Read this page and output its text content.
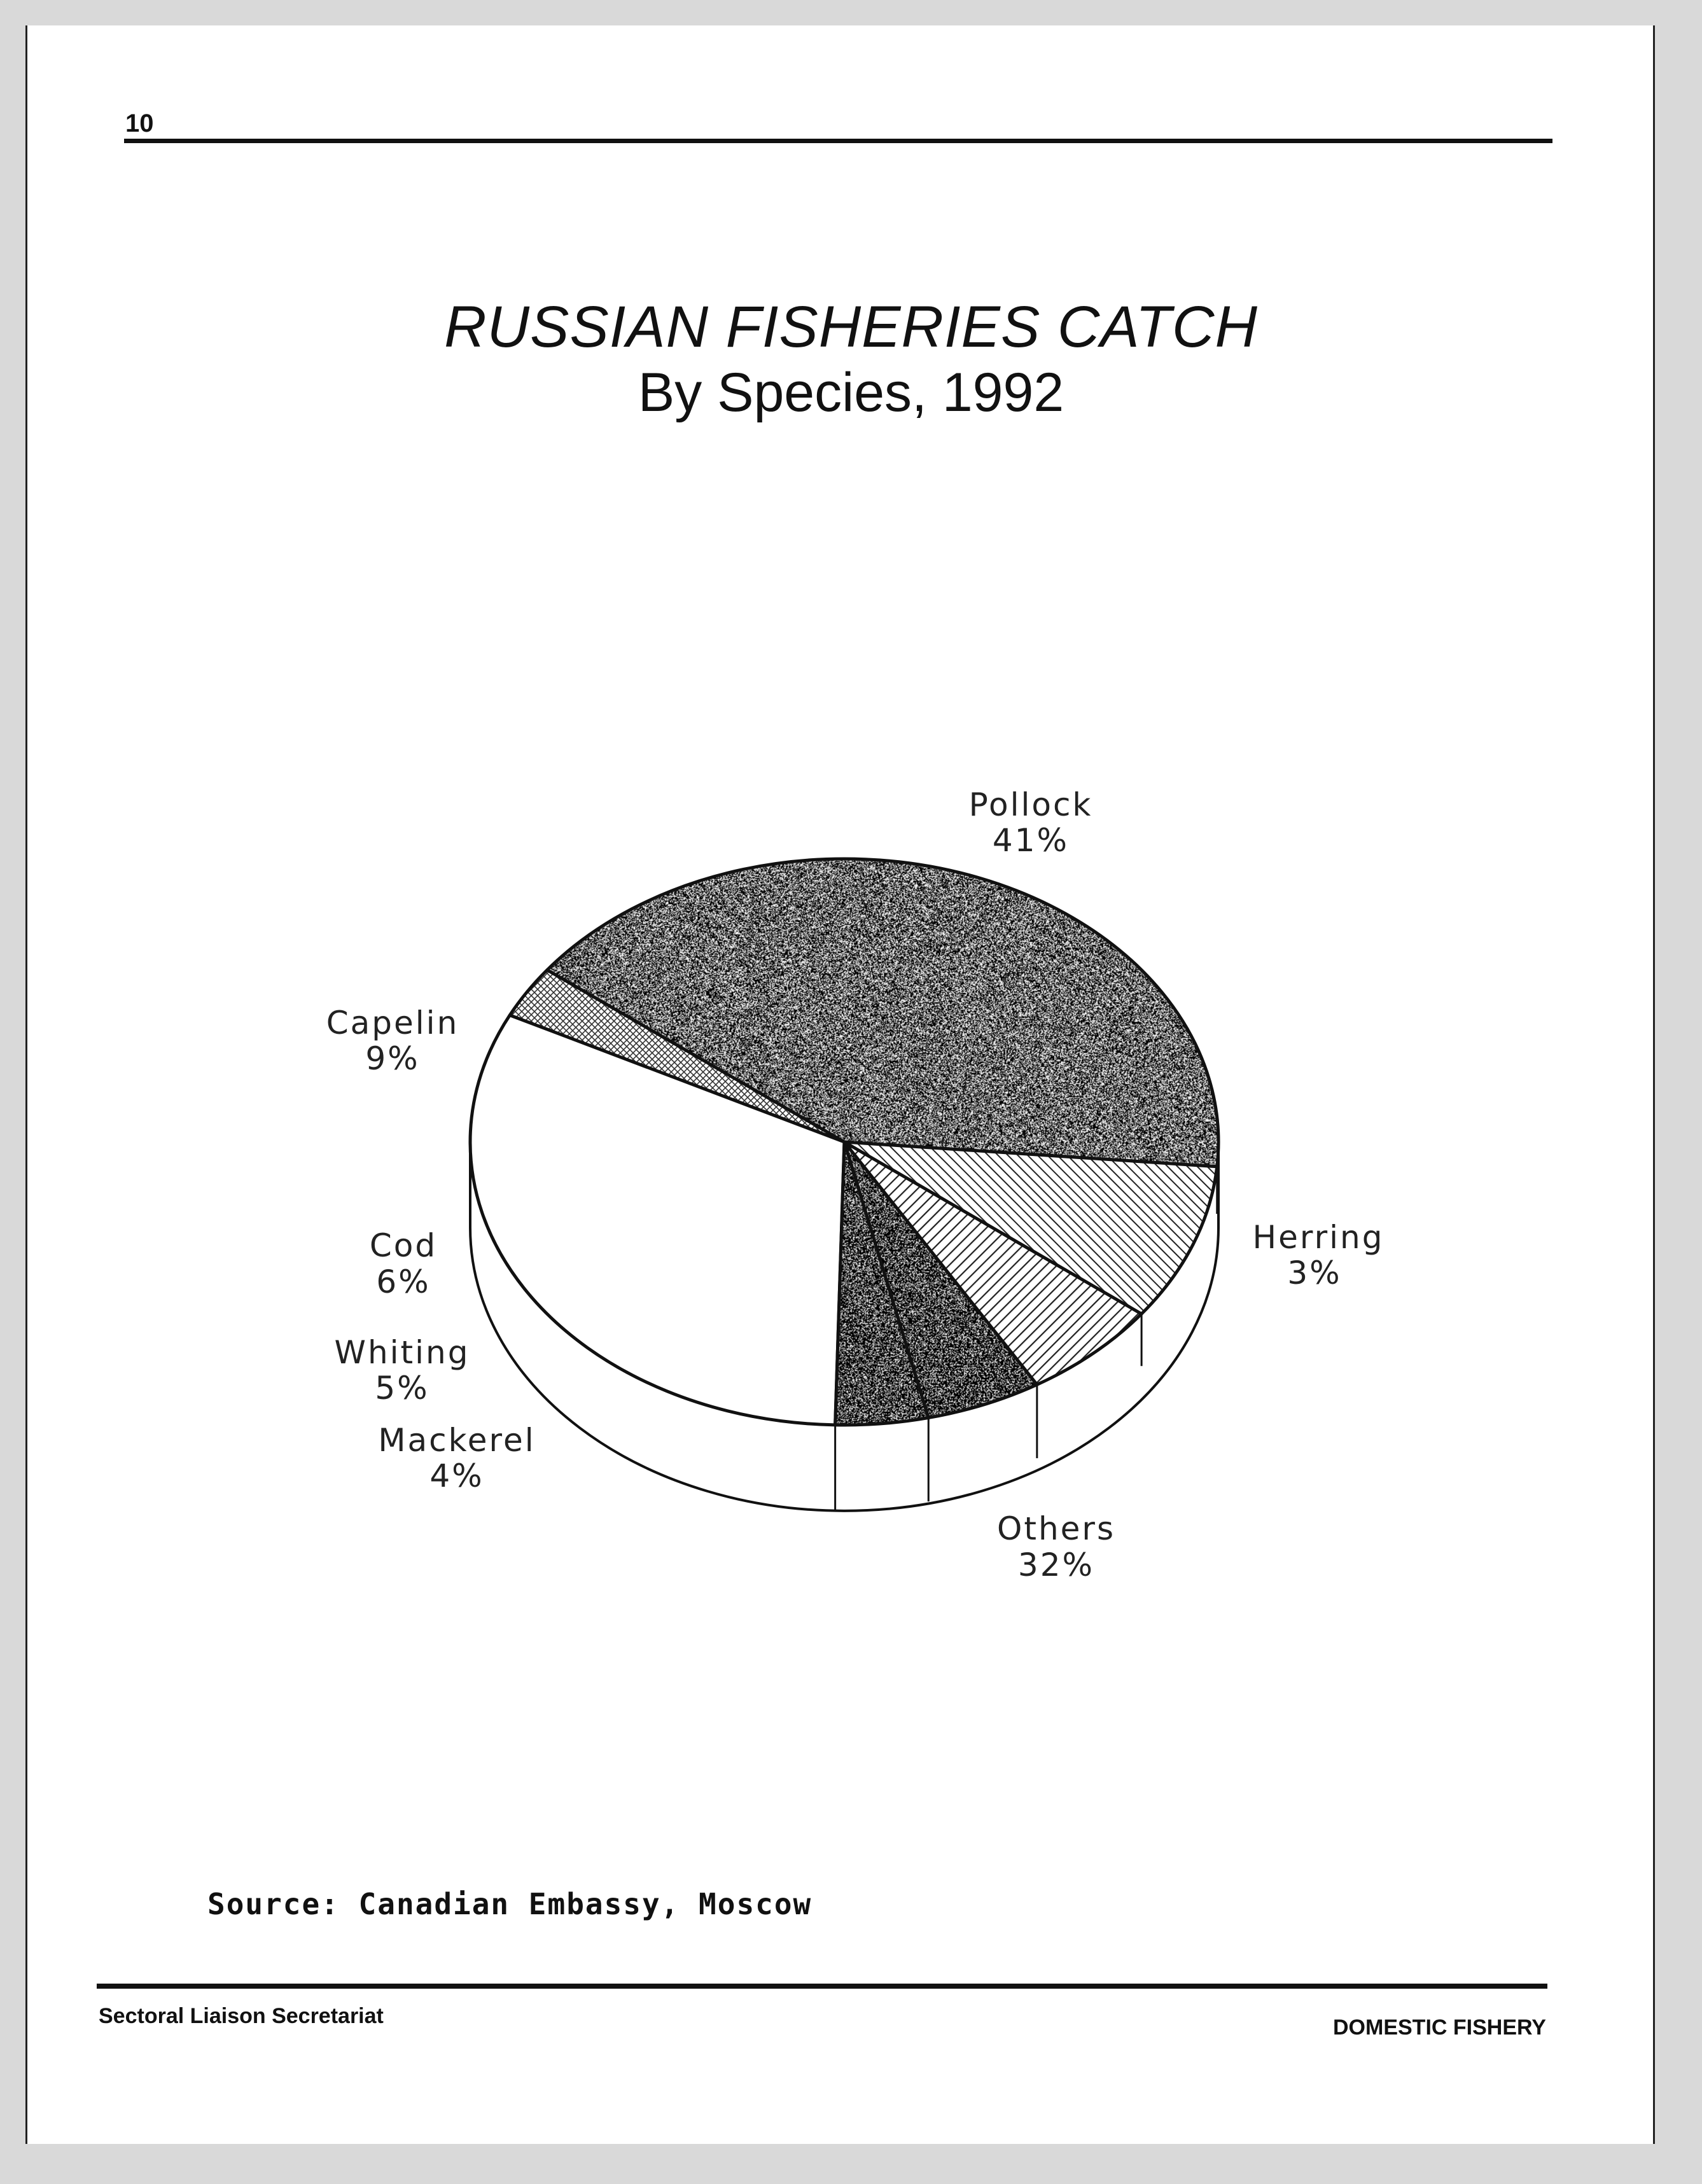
10
RUSSIAN FISHERIES CATCH
By Species, 1992
Pollock
41%
Herring
3%
Others
32%
Mackerel
4%
Whiting
5%
Cod
6%
Capelin
9%
Source: Canadian Embassy, Moscow
Sectoral Liaison Secretariat	DOMESTIC FISHERY
